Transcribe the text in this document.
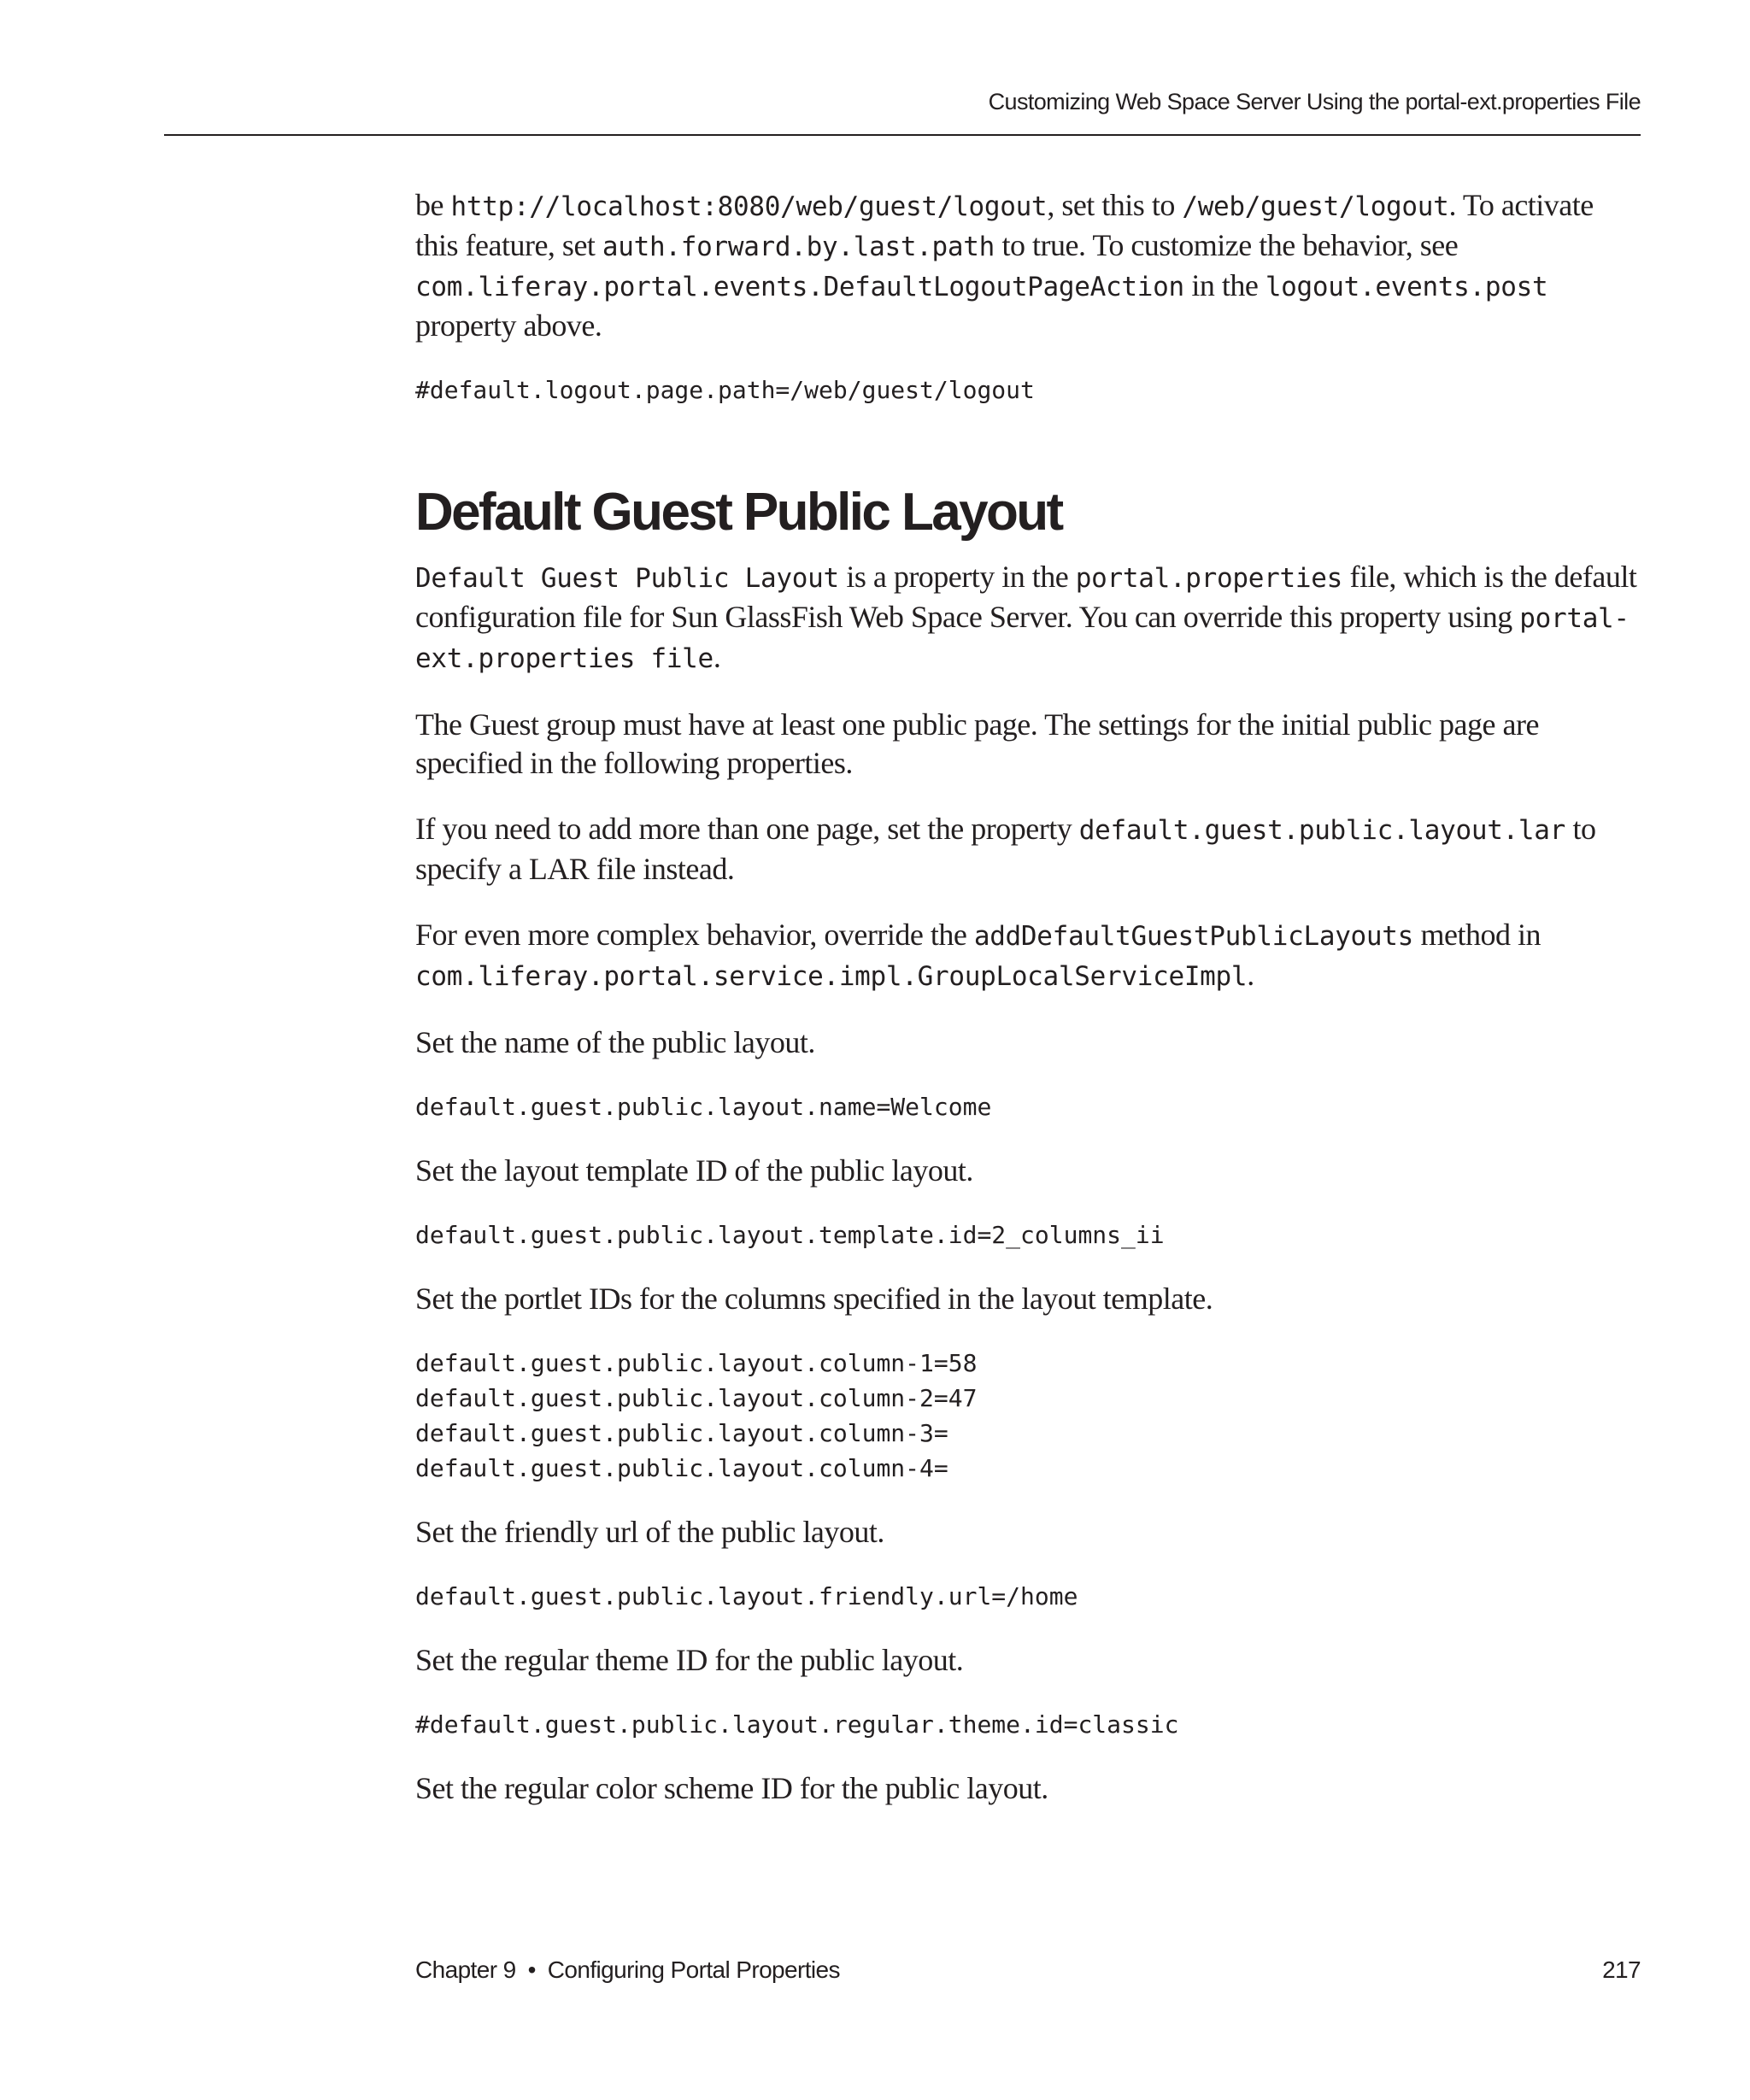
Customizing Web Space Server Using the portal-ext.properties File

be http://localhost:8080/web/guest/logout, set this to /web/guest/logout. To activate this feature, set auth.forward.by.last.path to true. To customize the behavior, see com.liferay.portal.events.DefaultLogoutPageAction in the logout.events.post property above.

#default.logout.page.path=/web/guest/logout
Default Guest Public Layout

Default Guest Public Layout is a property in the portal.properties file, which is the default configuration file for Sun GlassFish Web Space Server. You can override this property using portal-ext.properties file.

The Guest group must have at least one public page. The settings for the initial public page are specified in the following properties.

If you need to add more than one page, set the property default.guest.public.layout.lar to specify a LAR file instead.

For even more complex behavior, override the addDefaultGuestPublicLayouts method in com.liferay.portal.service.impl.GroupLocalServiceImpl.

Set the name of the public layout.

default.guest.public.layout.name=Welcome

Set the layout template ID of the public layout.

default.guest.public.layout.template.id=2_columns_ii

Set the portlet IDs for the columns specified in the layout template.

default.guest.public.layout.column-1=58
default.guest.public.layout.column-2=47
default.guest.public.layout.column-3=
default.guest.public.layout.column-4=

Set the friendly url of the public layout.

default.guest.public.layout.friendly.url=/home

Set the regular theme ID for the public layout.

#default.guest.public.layout.regular.theme.id=classic

Set the regular color scheme ID for the public layout.

Chapter 9 • Configuring Portal Properties	217
